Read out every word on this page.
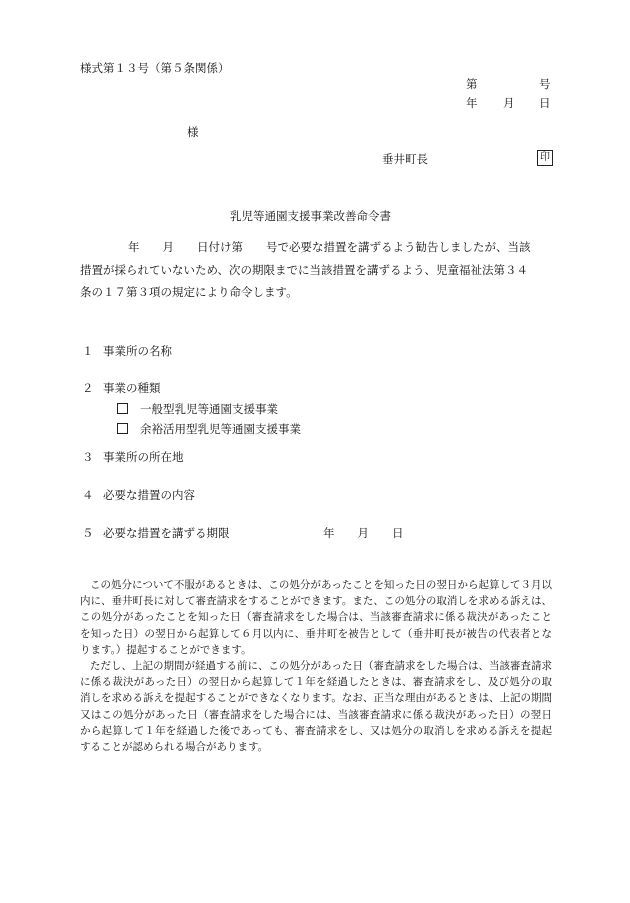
様式第１３号（第５条関係）
第	号
年 月 日
様
垂井町長	印
乳児等通園支援事業改善命令書
年　　月　　日付け第　　号で必要な措置を講ずるよう勧告しましたが、当該
措置が採られていないため、次の期限までに当該措置を講ずるよう、児童福祉法第３４
条の１７第３項の規定により命令します。
１ 事業所の名称
２ 事業の種類
一般型乳児等通園支援事業
余裕活用型乳児等通園支援事業
３ 事業所の所在地
４ 必要な措置の内容
５ 必要な措置を講ずる期限	年　　月　　日

この処分について不服があるときは、この処分があったことを知った日の翌日から起算して３月以内に、垂井町長に対して審査請求をすることができます。また、この処分の取消しを求める訴えは、この処分があったことを知った日（審査請求をした場合は、当該審査請求に係る裁決があったことを知った日）の翌日から起算して６月以内に、垂井町を被告として（垂井町長が被告の代表者となります。）提起することができます。

ただし、上記の期間が経過する前に、この処分があった日（審査請求をした場合は、当該審査請求に係る裁決があった日）の翌日から起算して１年を経過したときは、審査請求をし、及び処分の取消しを求める訴えを提起することができなくなります。なお、正当な理由があるときは、上記の期間又はこの処分があった日（審査請求をした場合には、当該審査請求に係る裁決があった日）の翌日から起算して１年を経過した後であっても、審査請求をし、又は処分の取消しを求める訴えを提起することが認められる場合があります。
